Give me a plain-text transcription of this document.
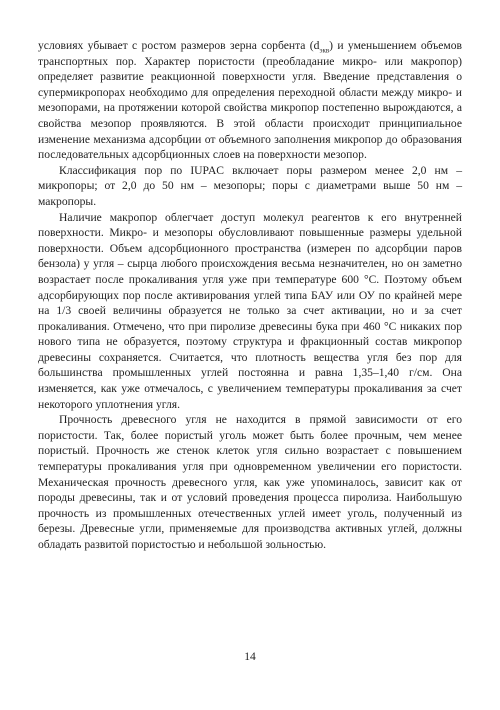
условиях убывает с ростом размеров зерна сорбента $(d_{экв})$ и уменьшением объемов транспортных пор. Характер пористости (преобладание микро- или макропор) определяет развитие реакционной поверхности угля. Введение представления о супермикропорах необходимо для определения переходной области между микро- и мезопорами, на протяжении которой свойства микропор постепенно вырождаются, а свойства мезопор проявляются. В этой области происходит принципиальное изменение механизма адсорбции от объемного заполнения микропор до образования последовательных адсорбционных слоев на поверхности мезопор.

Классификация пор по IUPAC включает поры размером менее 2,0 нм – микропоры; от 2,0 до 50 нм – мезопоры; поры с диаметрами выше 50 нм – макропоры.

Наличие макропор облегчает доступ молекул реагентов к его внутренней поверхности. Микро- и мезопоры обусловливают повышенные размеры удельной поверхности. Объем адсорбционного пространства (измерен по адсорбции паров бензола) у угля – сырца любого происхождения весьма незначителен, но он заметно возрастает после прокаливания угля уже при температуре 600 °С. Поэтому объем адсорбирующих пор после активирования углей типа БАУ или ОУ по крайней мере на 1/3 своей величины образуется не только за счет активации, но и за счет прокаливания. Отмечено, что при пиролизе древесины бука при 460 °С никаких пор нового типа не образуется, поэтому структура и фракционный состав микропор древесины сохраняется. Считается, что плотность вещества угля без пор для большинства промышленных углей постоянна и равна 1,35–1,40 г/см. Она изменяется, как уже отмечалось, с увеличением температуры прокаливания за счет некоторого уплотнения угля.

Прочность древесного угля не находится в прямой зависимости от его пористости. Так, более пористый уголь может быть более прочным, чем менее пористый. Прочность же стенок клеток угля сильно возрастает с повышением температуры прокаливания угля при одновременном увеличении его пористости. Механическая прочность древесного угля, как уже упоминалось, зависит как от породы древесины, так и от условий проведения процесса пиролиза. Наибольшую прочность из промышленных отечественных углей имеет уголь, полученный из березы. Древесные угли, применяемые для производства активных углей, должны обладать развитой пористостью и небольшой зольностью.

14
